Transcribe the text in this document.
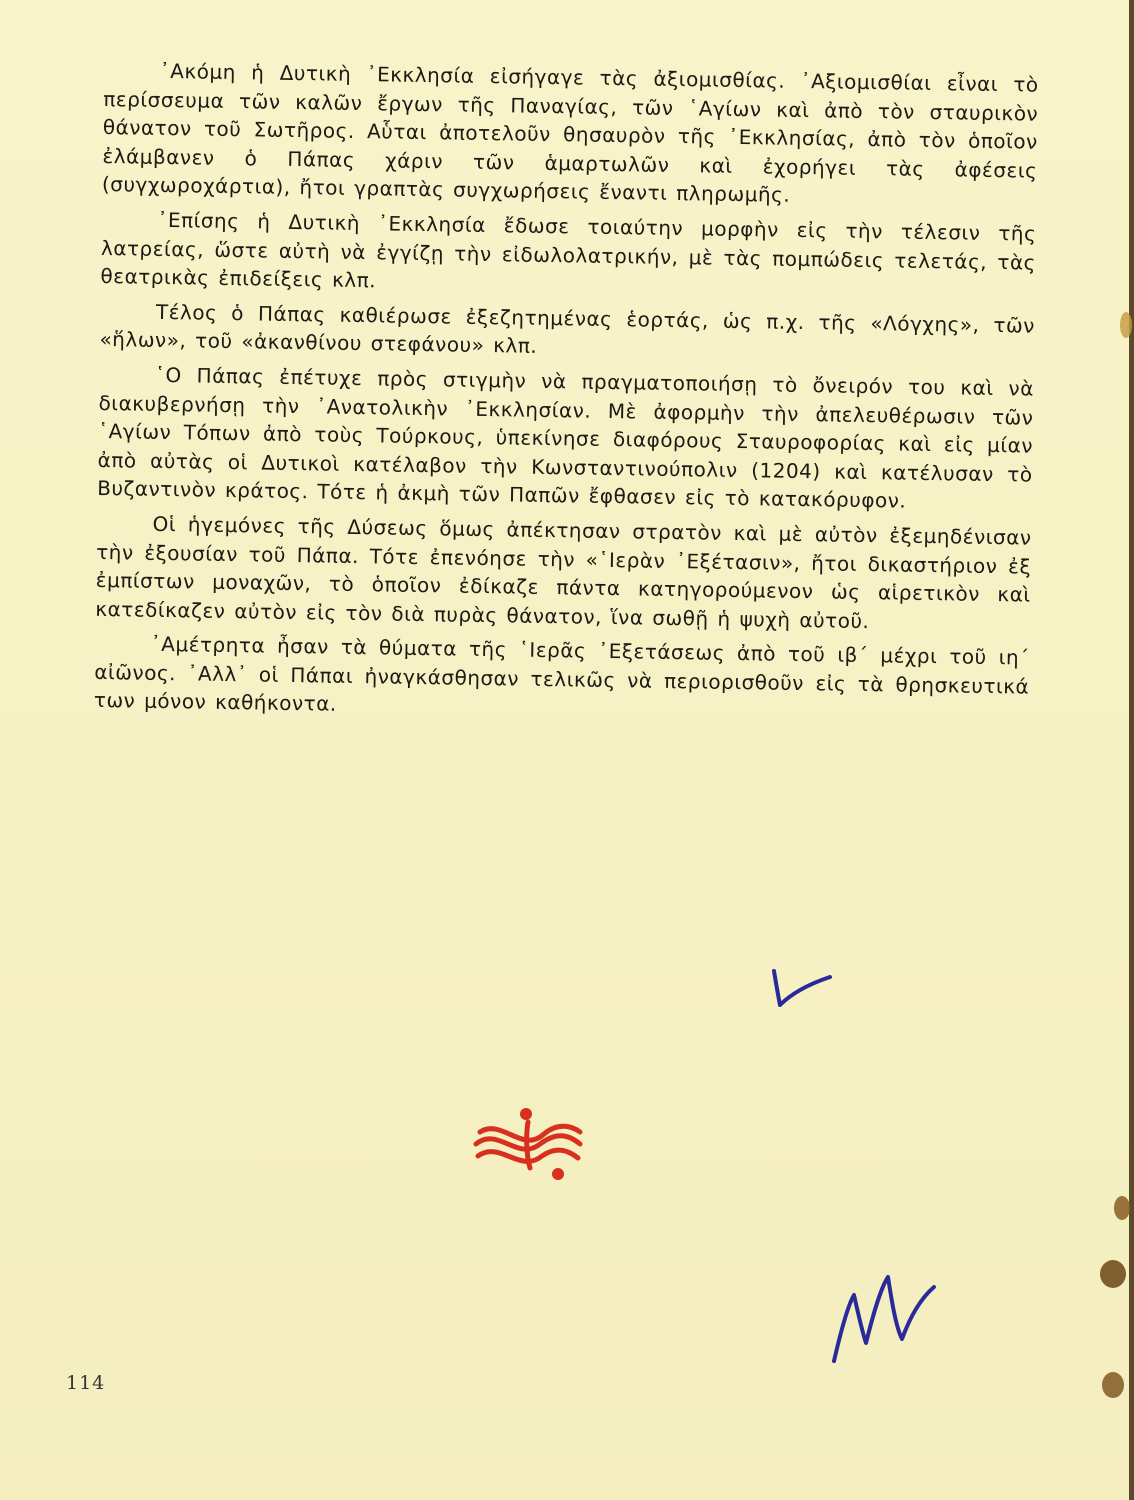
᾿Ακόμη ἡ Δυτικὴ ᾿Εκκλησία εἰσήγαγε τὰς ἀξιομισθίας. ᾿Αξιομισθίαι εἶναι τὸ περίσσευμα τῶν καλῶν ἔργων τῆς Παναγίας, τῶν ῾Αγίων καὶ ἀπὸ τὸν σταυρικὸν θάνατον τοῦ Σωτῆρος. Αὗται ἀποτελοῦν θησαυρὸν τῆς ᾿Εκκλησίας, ἀπὸ τὸν ὁποῖον ἐλάμβανεν ὁ Πάπας χάριν τῶν ἁμαρτωλῶν καὶ ἐχορήγει τὰς ἀφέσεις (συγχωροχάρτια), ἤτοι γραπτὰς συγχωρήσεις ἔναντι πληρωμῆς.

᾿Επίσης ἡ Δυτικὴ ᾿Εκκλησία ἔδωσε τοιαύτην μορφὴν εἰς τὴν τέλεσιν τῆς λατρείας, ὥστε αὐτὴ νὰ ἐγγίζῃ τὴν εἰδωλολατρικήν, μὲ τὰς πομπώδεις τελετάς, τὰς θεατρικὰς ἐπιδείξεις κλπ.

Τέλος ὁ Πάπας καθιέρωσε ἐξεζητημένας ἑορτάς, ὡς π.χ. τῆς «Λόγχης», τῶν «ἥλων», τοῦ «ἀκανθίνου στεφάνου» κλπ.

῾Ο Πάπας ἐπέτυχε πρὸς στιγμὴν νὰ πραγματοποιήσῃ τὸ ὄνειρόν του καὶ νὰ διακυβερνήσῃ τὴν ᾿Ανατολικὴν ᾿Εκκλησίαν. Μὲ ἀφορμὴν τὴν ἀπελευθέρωσιν τῶν ῾Αγίων Τόπων ἀπὸ τοὺς Τούρκους, ὑπεκίνησε διαφόρους Σταυροφορίας καὶ εἰς μίαν ἀπὸ αὐτὰς οἱ Δυτικοὶ κατέλαβον τὴν Κωνσταντινούπολιν (1204) καὶ κατέλυσαν τὸ Βυζαντινὸν κράτος. Τότε ἡ ἀκμὴ τῶν Παπῶν ἔφθασεν εἰς τὸ κατακόρυφον.

Οἱ ἡγεμόνες τῆς Δύσεως ὅμως ἀπέκτησαν στρατὸν καὶ μὲ αὐτὸν ἐξεμηδένισαν τὴν ἐξουσίαν τοῦ Πάπα. Τότε ἐπενόησε τὴν «῾Ιερὰν ᾿Εξέτασιν», ἤτοι δικαστήριον ἐξ ἐμπίστων μοναχῶν, τὸ ὁποῖον ἐδίκαζε πάντα κατηγορούμενον ὡς αἱρετικὸν καὶ κατεδίκαζεν αὐτὸν εἰς τὸν διὰ πυρὰς θάνατον, ἵνα σωθῇ ἡ ψυχὴ αὐτοῦ.

᾿Αμέτρητα ἦσαν τὰ θύματα τῆς ῾Ιερᾶς ᾿Εξετάσεως ἀπὸ τοῦ ιβ´ μέχρι τοῦ ιη´ αἰῶνος. ᾿Αλλ᾿ οἱ Πάπαι ἠναγκάσθησαν τελικῶς νὰ περιορισθοῦν εἰς τὰ θρησκευτικά των μόνον καθήκοντα.

114
